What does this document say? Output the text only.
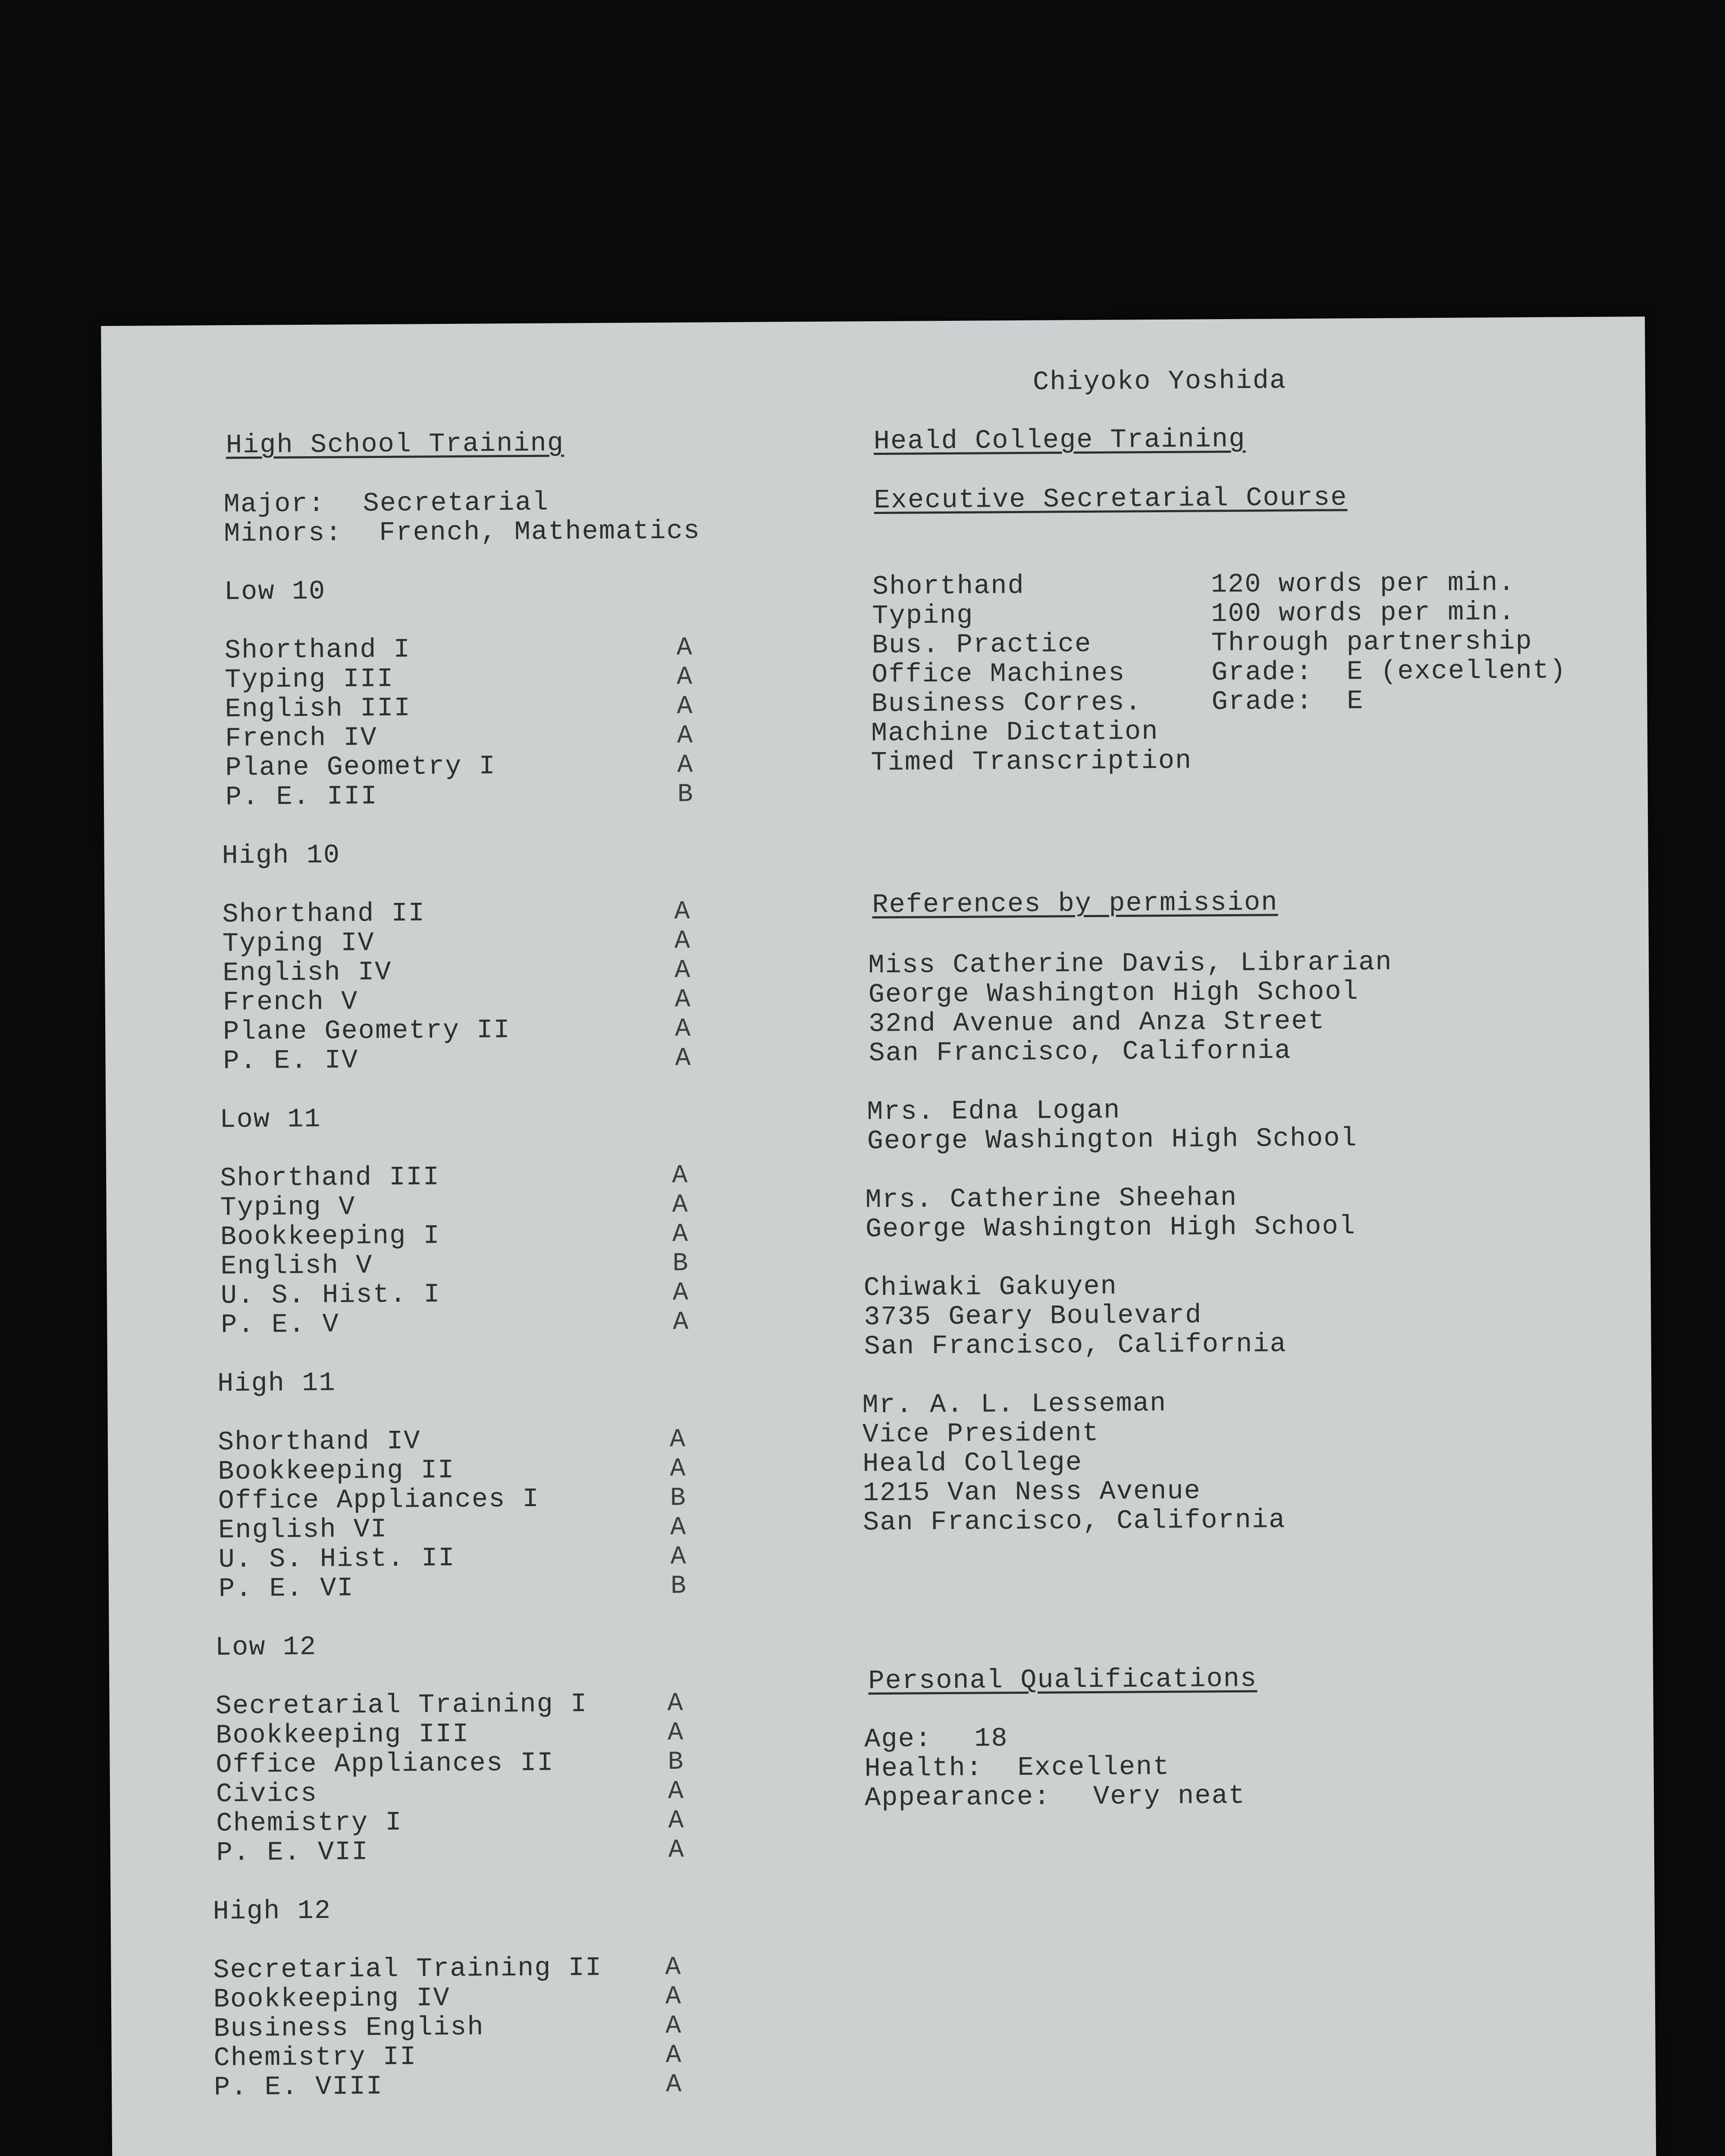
Chiyoko Yoshida
High School Training
Major: Secretarial
Minors: French, Mathematics
Low 10
Shorthand I	A
Typing III	A
English III	A
French IV	A
Plane Geometry I	A
P. E. III	B
High 10
Shorthand II	A
Typing IV	A
English IV	A
French V	A
Plane Geometry II	A
P. E. IV	A
Low 11
Shorthand III	A
Typing V	A
Bookkeeping I	A
English V	B
U. S. Hist. I	A
P. E. V	A
High 11
Shorthand IV	A
Bookkeeping II	A
Office Appliances I	B
English VI	A
U. S. Hist. II	A
P. E. VI	B
Low 12
Secretarial Training I	A
Bookkeeping III	A
Office Appliances II	B
Civics	A
Chemistry I	A
P. E. VII	A
High 12
Secretarial Training II A
Bookkeeping IV	A
Business English	A
Chemistry II	A
P. E. VIII	A
Heald College Training
Executive Secretarial Course
Shorthand	120 words per min.
Typing	100 words per min.
Bus. Practice	Through partnership
Office Machines	Grade:  E (excellent)
Business Corres.	Grade:  E
Machine Dictation
Timed Transcription
References by permission
Miss Catherine Davis, Librarian
George Washington High School
32nd Avenue and Anza Street
San Francisco, California
Mrs. Edna Logan
George Washington High School
Mrs. Catherine Sheehan
George Washington High School
Chiwaki Gakuyen
3735 Geary Boulevard
San Francisco, California
Mr. A. L. Lesseman
Vice President
Heald College
1215 Van Ness Avenue
San Francisco, California
Personal Qualifications
Age: 18
Health: Excellent
Appearance: Very neat
